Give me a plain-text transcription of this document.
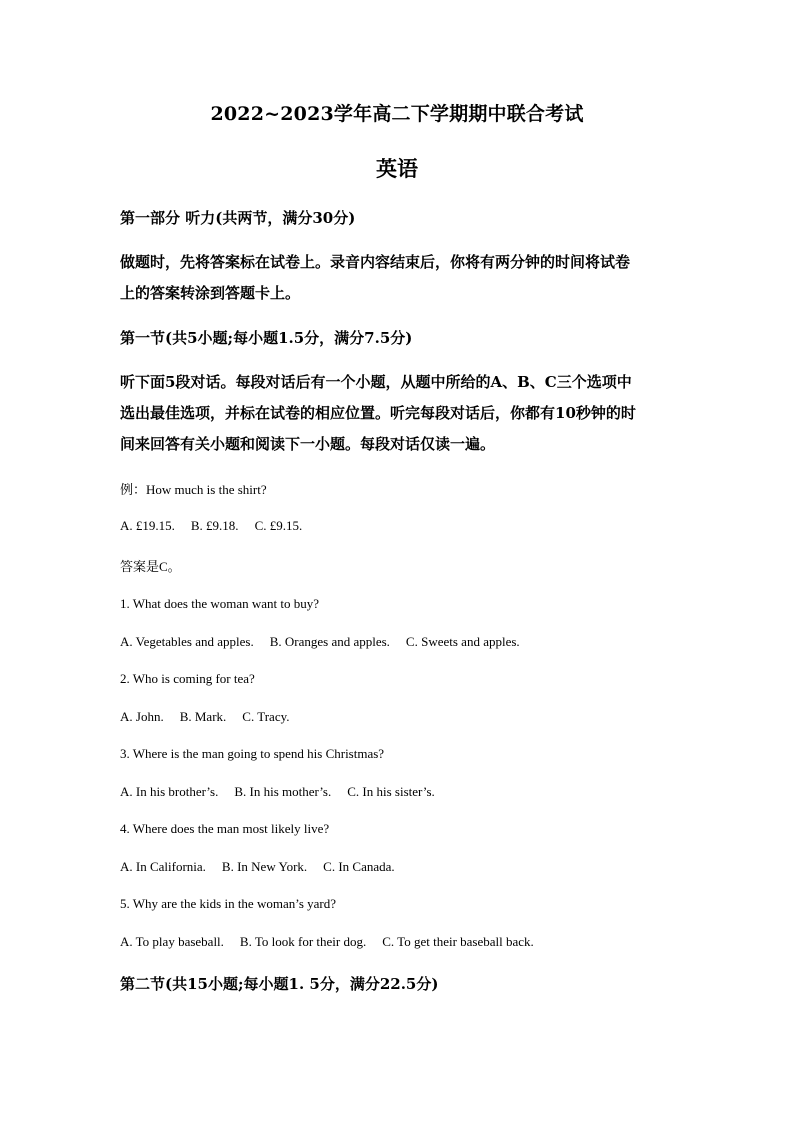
2022~2023学年高二下学期期中联合考试
英语
第一部分 听力(共两节，满分30分)
做题时，先将答案标在试卷上。录音内容结束后，你将有两分钟的时间将试卷
上的答案转涂到答题卡上。
第一节(共5小题;每小题1.5分，满分7.5分)
听下面5段对话。每段对话后有一个小题，从题中所给的A、B、C三个选项中
选出最佳选项，并标在试卷的相应位置。听完每段对话后，你都有10秒钟的时
间来回答有关小题和阅读下一小题。每段对话仅读一遍。
例：How much is the shirt?
A. £19.15. B. £9.18. C. £9.15.
答案是C。
1. What does the woman want to buy?
A. Vegetables and apples. B. Oranges and apples. C. Sweets and apples.
2. Who is coming for tea?
A. John. B. Mark. C. Tracy.
3. Where is the man going to spend his Christmas?
A. In his brother’s. B. In his mother’s. C. In his sister’s.
4. Where does the man most likely live?
A. In California. B. In New York. C. In Canada.
5. Why are the kids in the woman’s yard?
A. To play baseball. B. To look for their dog. C. To get their baseball back.
第二节(共15小题;每小题1. 5分，满分22.5分)
